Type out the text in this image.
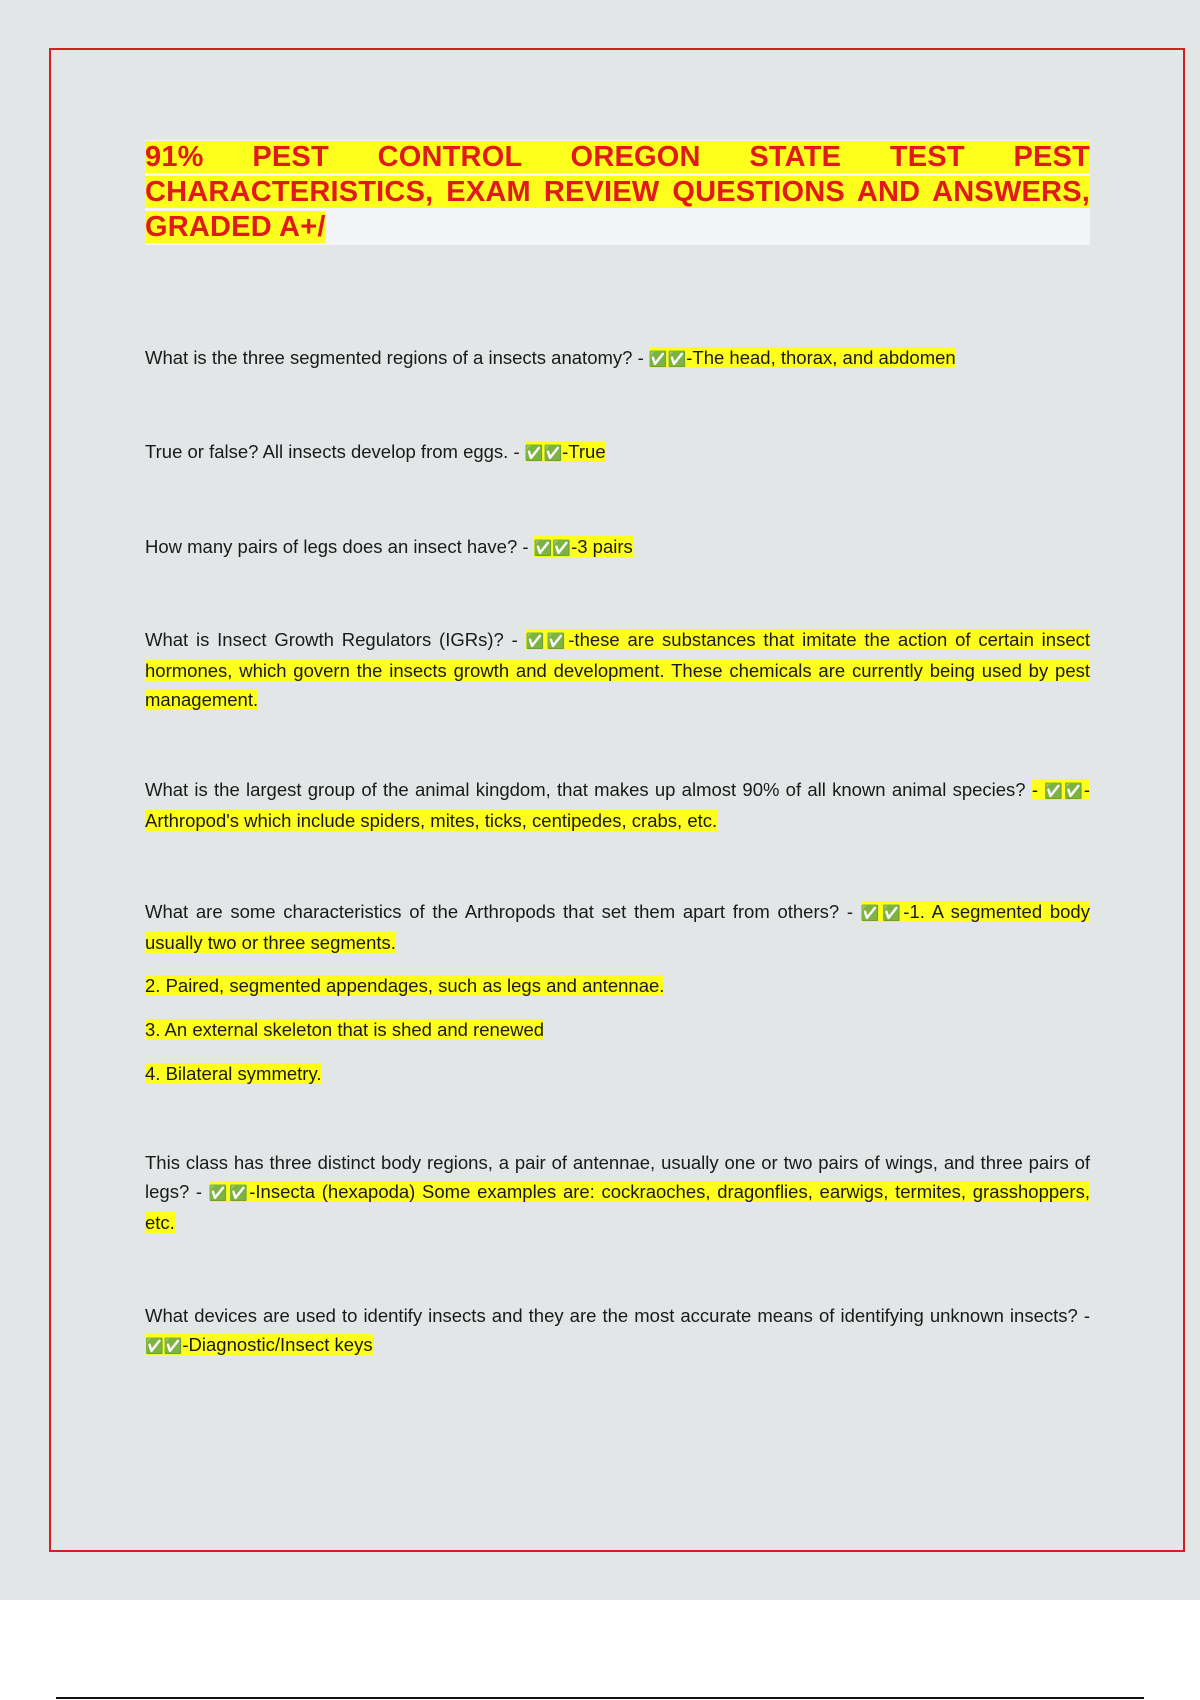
91% PEST CONTROL OREGON STATE TEST PEST CHARACTERISTICS, EXAM REVIEW QUESTIONS AND ANSWERS, GRADED A+/

What is the three segmented regions of a insects anatomy? - ✅✅-The head, thorax, and abdomen

True or false? All insects develop from eggs. - ✅✅-True

How many pairs of legs does an insect have? - ✅✅-3 pairs

What is Insect Growth Regulators (IGRs)? - ✅✅-these are substances that imitate the action of certain insect hormones, which govern the insects growth and development. These chemicals are currently being used by pest management.

What is the largest group of the animal kingdom, that makes up almost 90% of all known animal species? - ✅✅-Arthropod's which include spiders, mites, ticks, centipedes, crabs, etc.

What are some characteristics of the Arthropods that set them apart from others? - ✅✅-1. A segmented body usually two or three segments.

2. Paired, segmented appendages, such as legs and antennae.

3. An external skeleton that is shed and renewed

4. Bilateral symmetry.

This class has three distinct body regions, a pair of antennae, usually one or two pairs of wings, and three pairs of legs? - ✅✅-Insecta (hexapoda) Some examples are: cockraoches, dragonflies, earwigs, termites, grasshoppers, etc.

What devices are used to identify insects and they are the most accurate means of identifying unknown insects? - ✅✅-Diagnostic/Insect keys
